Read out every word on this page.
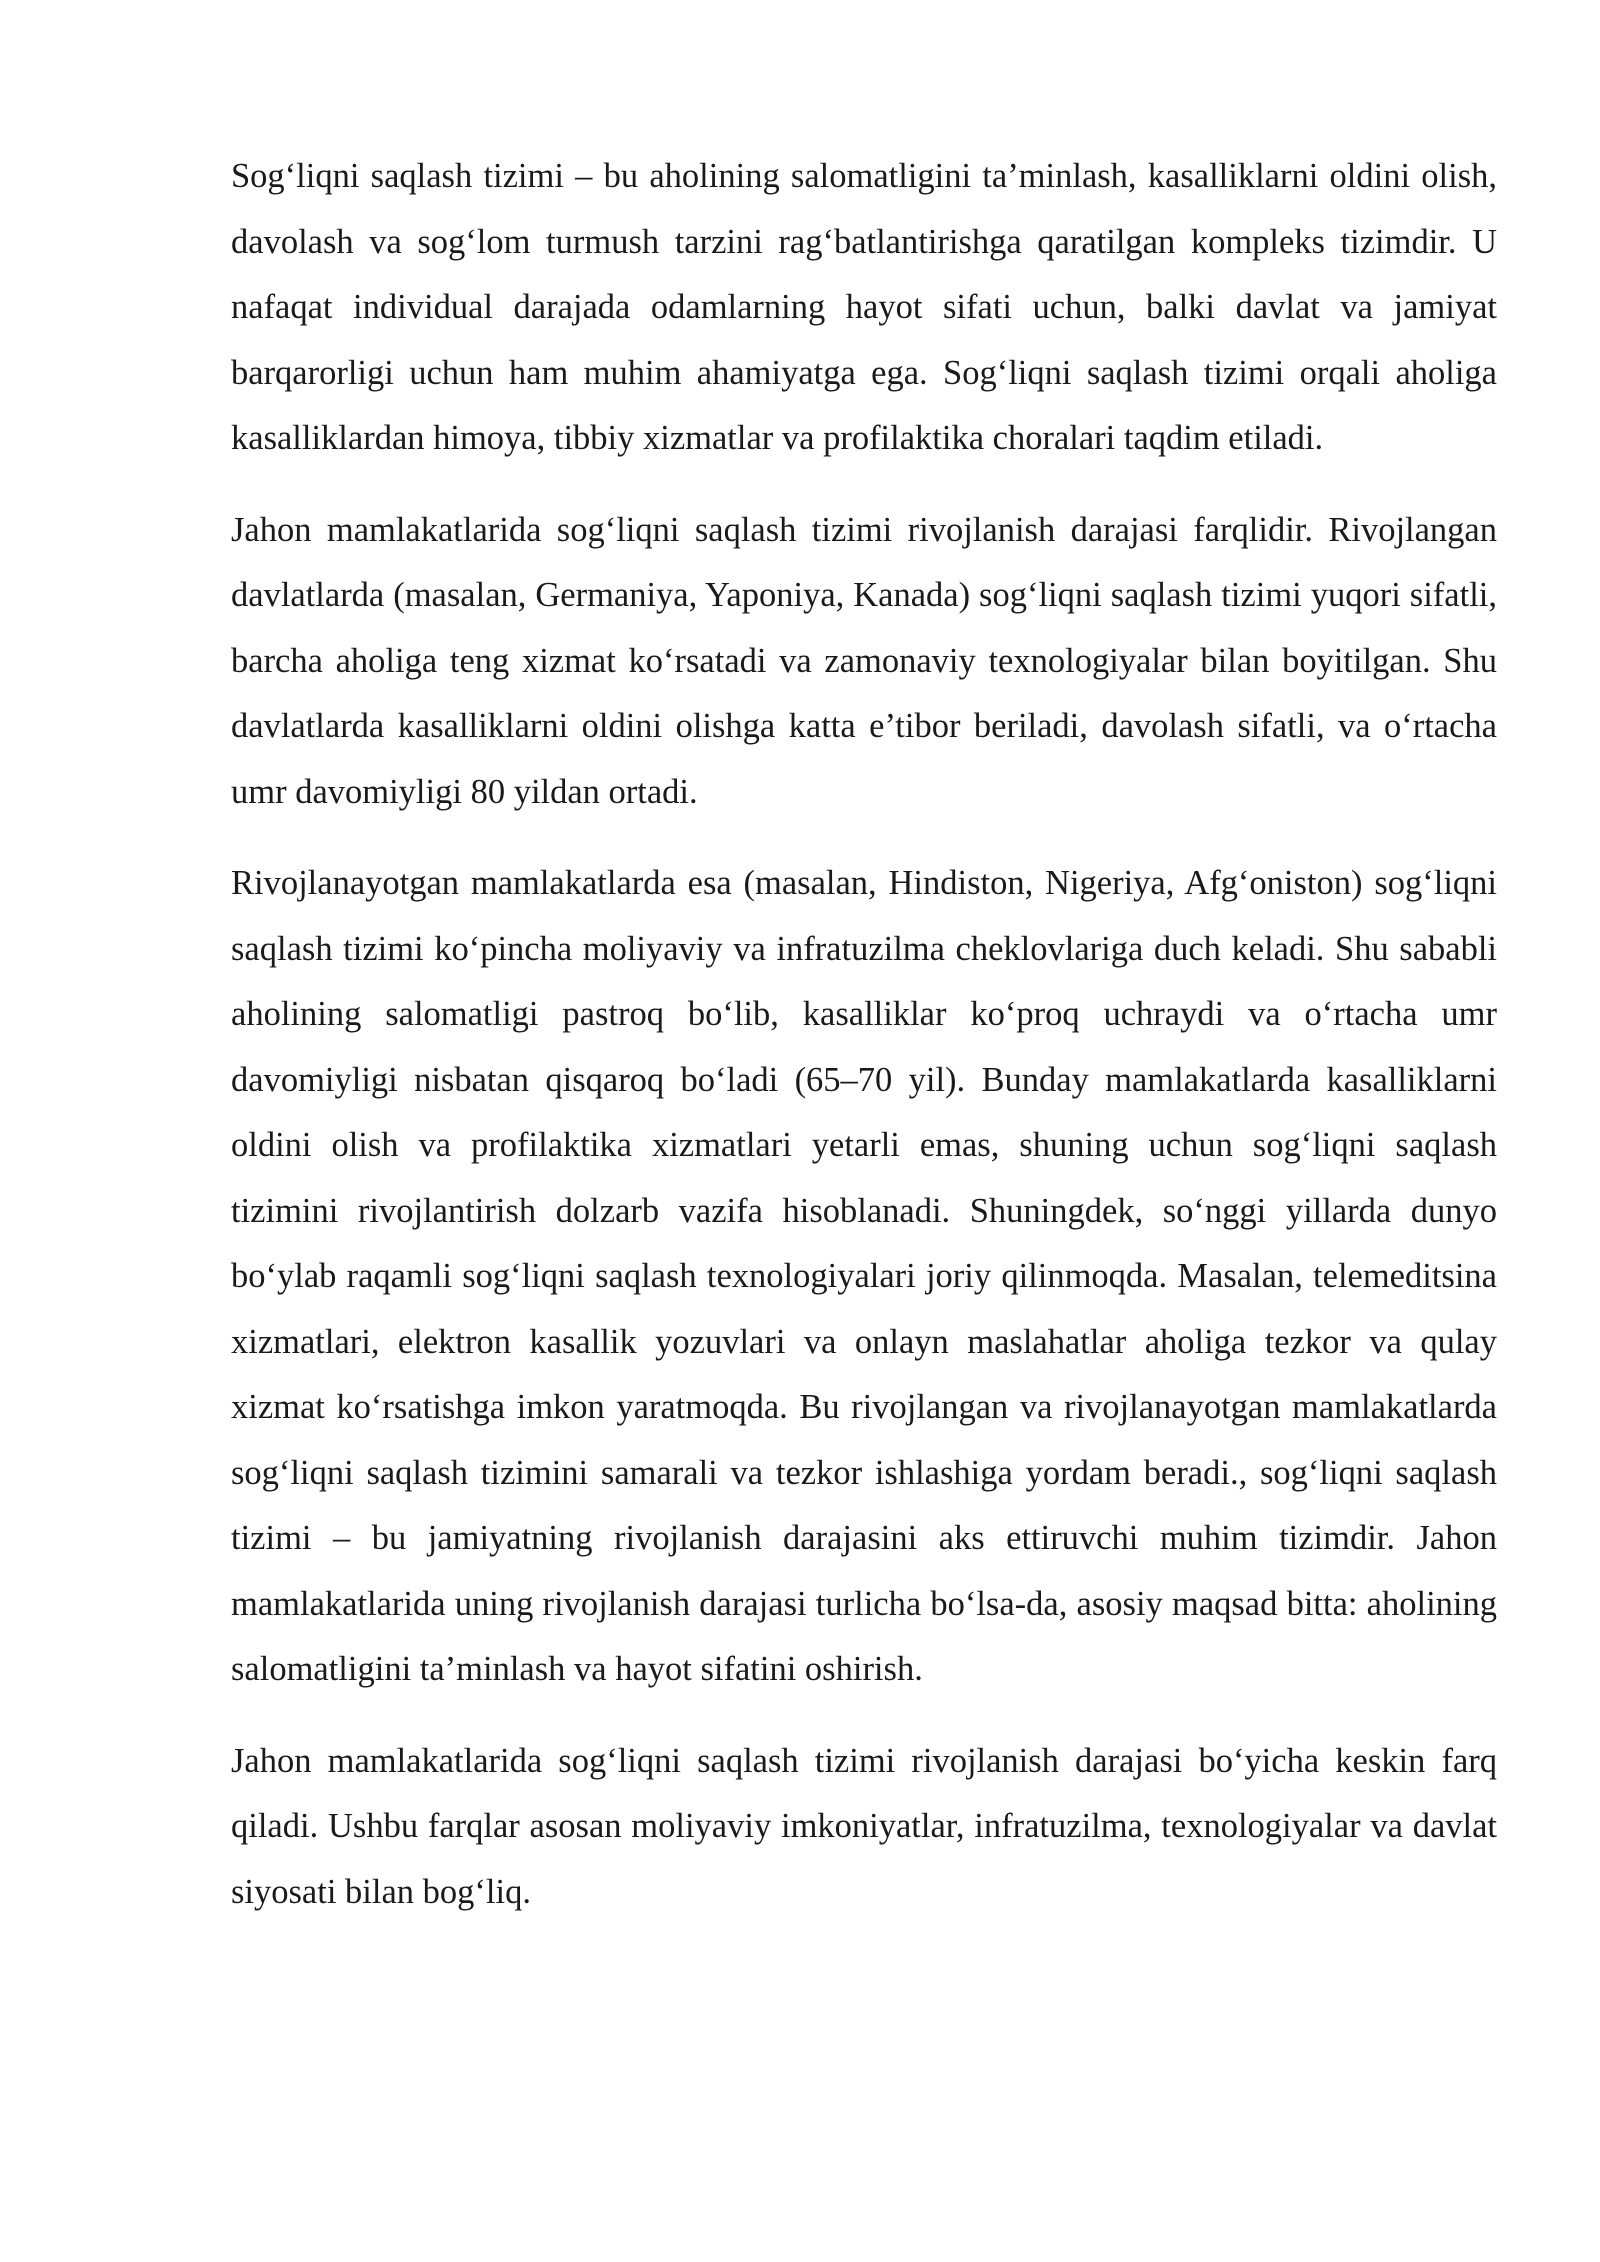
Sog‘liqni saqlash tizimi – bu aholining salomatligini ta’minlash, kasalliklarni oldini olish, davolash va sog‘lom turmush tarzini rag‘batlantirishga qaratilgan kompleks tizimdir. U nafaqat individual darajada odamlarning hayot sifati uchun, balki davlat va jamiyat barqarorligi uchun ham muhim ahamiyatga ega. Sog‘liqni saqlash tizimi orqali aholiga kasalliklardan himoya, tibbiy xizmatlar va profilaktika choralari taqdim etiladi.

Jahon mamlakatlarida sog‘liqni saqlash tizimi rivojlanish darajasi farqlidir. Rivojlangan davlatlarda (masalan, Germaniya, Yaponiya, Kanada) sog‘liqni saqlash tizimi yuqori sifatli, barcha aholiga teng xizmat ko‘rsatadi va zamonaviy texnologiyalar bilan boyitilgan. Shu davlatlarda kasalliklarni oldini olishga katta e’tibor beriladi, davolash sifatli, va o‘rtacha umr davomiyligi 80 yildan ortadi.

Rivojlanayotgan mamlakatlarda esa (masalan, Hindiston, Nigeriya, Afg‘oniston) sog‘liqni saqlash tizimi ko‘pincha moliyaviy va infratuzilma cheklovlariga duch keladi. Shu sababli aholining salomatligi pastroq bo‘lib, kasalliklar ko‘proq uchraydi va o‘rtacha umr davomiyligi nisbatan qisqaroq bo‘ladi (65–70 yil). Bunday mamlakatlarda kasalliklarni oldini olish va profilaktika xizmatlari yetarli emas, shuning uchun sog‘liqni saqlash tizimini rivojlantirish dolzarb vazifa hisoblanadi. Shuningdek, so‘nggi yillarda dunyo bo‘ylab raqamli sog‘liqni saqlash texnologiyalari joriy qilinmoqda. Masalan, telemeditsina xizmatlari, elektron kasallik yozuvlari va onlayn maslahatlar aholiga tezkor va qulay xizmat ko‘rsatishga imkon yaratmoqda. Bu rivojlangan va rivojlanayotgan mamlakatlarda sog‘liqni saqlash tizimini samarali va tezkor ishlashiga yordam beradi., sog‘liqni saqlash tizimi – bu jamiyatning rivojlanish darajasini aks ettiruvchi muhim tizimdir. Jahon mamlakatlarida uning rivojlanish darajasi turlicha bo‘lsa-da, asosiy maqsad bitta: aholining salomatligini ta’minlash va hayot sifatini oshirish.

Jahon mamlakatlarida sog‘liqni saqlash tizimi rivojlanish darajasi bo‘yicha keskin farq qiladi. Ushbu farqlar asosan moliyaviy imkoniyatlar, infratuzilma, texnologiyalar va davlat siyosati bilan bog‘liq.
